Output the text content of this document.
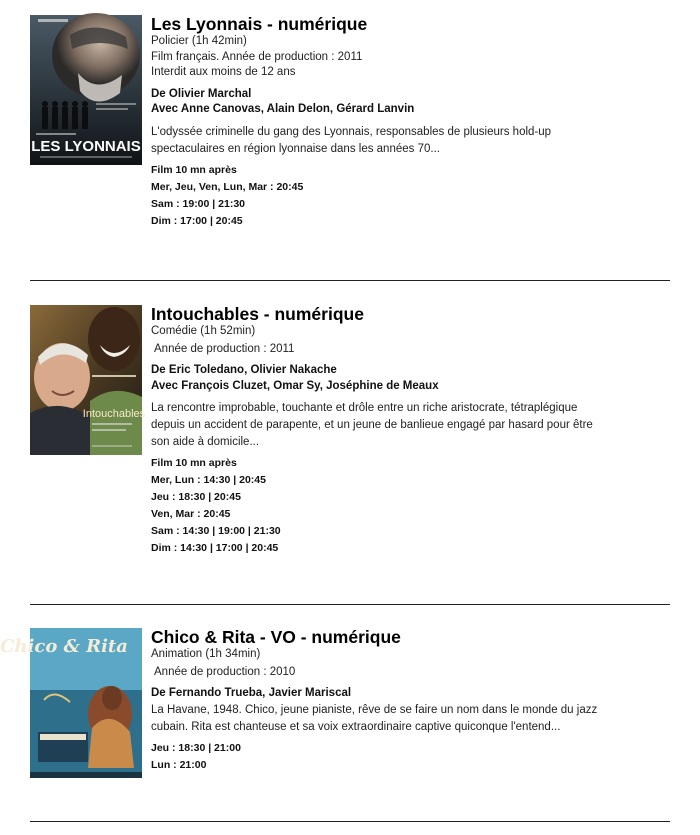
LES LYONNAIS

Les Lyonnais - numérique

Policier (1h 42min)

Film français. Année de production : 2011

Interdit aux moins de 12 ans

De Olivier Marchal

Avec Anne Canovas, Alain Delon, Gérard Lanvin

L'odyssée criminelle du gang des Lyonnais, responsables de plusieurs hold-up

spectaculaires en région lyonnaise dans les années 70...

Film 10 mn après

Mer, Jeu, Ven, Lun, Mar : 20:45

Sam : 19:00 | 21:30

Dim : 17:00 | 20:45

Intouchables

Intouchables - numérique

Comédie (1h 52min)

Année de production : 2011

De Eric Toledano, Olivier Nakache

Avec François Cluzet, Omar Sy, Joséphine de Meaux

La rencontre improbable, touchante et drôle entre un riche aristocrate, tétraplégique

depuis un accident de parapente, et un jeune de banlieue engagé par hasard pour être

son aide à domicile...

Film 10 mn après

Mer, Lun : 14:30 | 20:45

Jeu : 18:30 | 20:45

Ven, Mar : 20:45

Sam : 14:30 | 19:00 | 21:30

Dim : 14:30 | 17:00 | 20:45

Chico & Rita Chico & Rita - VO - numérique

Animation (1h 34min)

Année de production : 2010

De Fernando Trueba, Javier Mariscal

La Havane, 1948. Chico, jeune pianiste, rêve de se faire un nom dans le monde du jazz

cubain. Rita est chanteuse et sa voix extraordinaire captive quiconque l'entend...

Jeu : 18:30 | 21:00

Lun : 21:00
